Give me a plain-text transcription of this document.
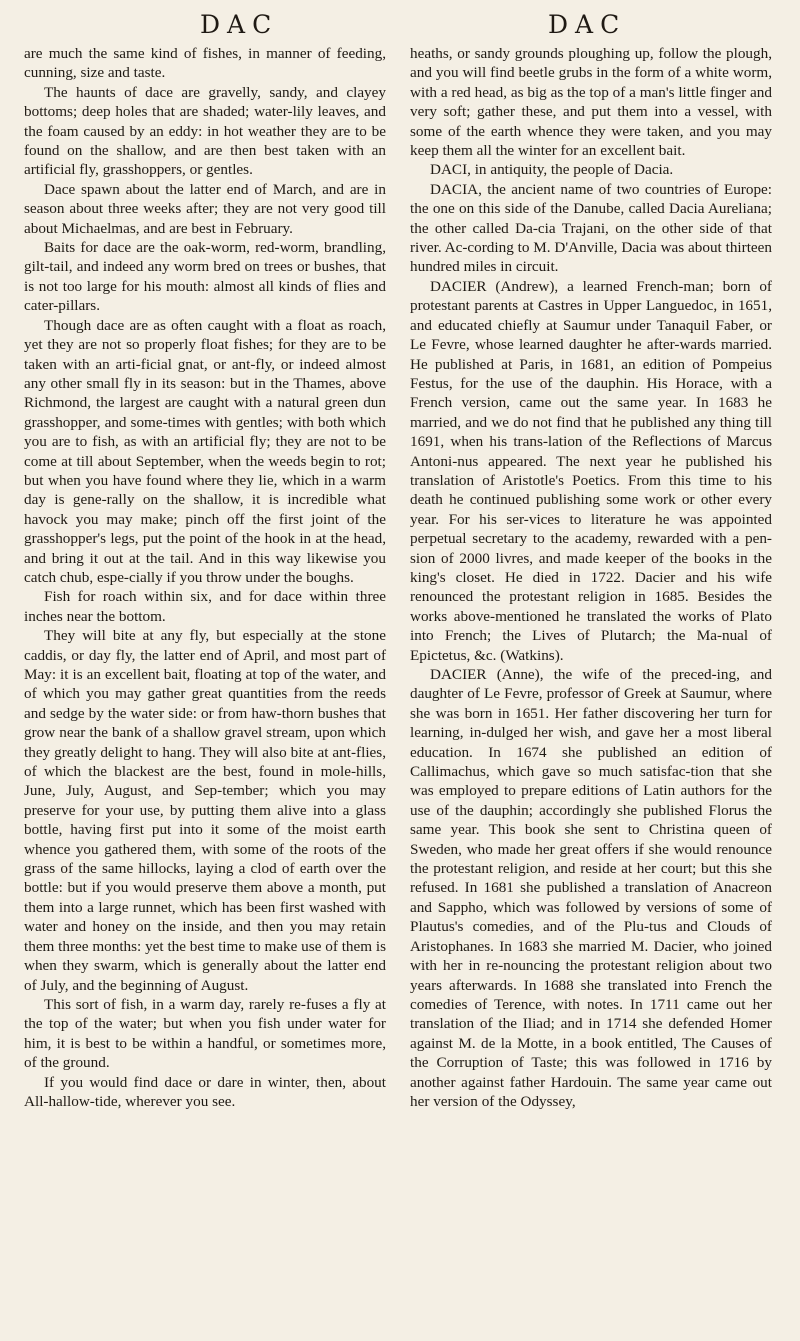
DAC	DAC

are much the same kind of fishes, in manner of feeding, cunning, size and taste.

The haunts of dace are gravelly, sandy, and clayey bottoms; deep holes that are shaded; water-lily leaves, and the foam caused by an eddy: in hot weather they are to be found on the shallow, and are then best taken with an artificial fly, grasshoppers, or gentles.

Dace spawn about the latter end of March, and are in season about three weeks after; they are not very good till about Michaelmas, and are best in February.

Baits for dace are the oak-worm, red-worm, brandling, gilt-tail, and indeed any worm bred on trees or bushes, that is not too large for his mouth: almost all kinds of flies and cater-pillars.

Though dace are as often caught with a float as roach, yet they are not so properly float fishes; for they are to be taken with an arti-ficial gnat, or ant-fly, or indeed almost any other small fly in its season: but in the Thames, above Richmond, the largest are caught with a natural green dun grasshopper, and some-times with gentles; with both which you are to fish, as with an artificial fly; they are not to be come at till about September, when the weeds begin to rot; but when you have found where they lie, which in a warm day is gene-rally on the shallow, it is incredible what havock you may make; pinch off the first joint of the grasshopper's legs, put the point of the hook in at the head, and bring it out at the tail. And in this way likewise you catch chub, espe-cially if you throw under the boughs.

Fish for roach within six, and for dace within three inches near the bottom.

They will bite at any fly, but especially at the stone caddis, or day fly, the latter end of April, and most part of May: it is an excellent bait, floating at top of the water, and of which you may gather great quantities from the reeds and sedge by the water side: or from haw-thorn bushes that grow near the bank of a shallow gravel stream, upon which they greatly delight to hang. They will also bite at ant-flies, of which the blackest are the best, found in mole-hills, June, July, August, and Sep-tember; which you may preserve for your use, by putting them alive into a glass bottle, having first put into it some of the moist earth whence you gathered them, with some of the roots of the grass of the same hillocks, laying a clod of earth over the bottle: but if you would preserve them above a month, put them into a large runnet, which has been first washed with water and honey on the inside, and then you may retain them three months: yet the best time to make use of them is when they swarm, which is generally about the latter end of July, and the beginning of August.

This sort of fish, in a warm day, rarely re-fuses a fly at the top of the water; but when you fish under water for him, it is best to be within a handful, or sometimes more, of the ground.

If you would find dace or dare in winter, then, about All-hallow-tide, wherever you see.

heaths, or sandy grounds ploughing up, follow the plough, and you will find beetle grubs in the form of a white worm, with a red head, as big as the top of a man's little finger and very soft; gather these, and put them into a vessel, with some of the earth whence they were taken, and you may keep them all the winter for an excellent bait.

DACI, in antiquity, the people of Dacia.

DACIA, the ancient name of two countries of Europe: the one on this side of the Danube, called Dacia Aureliana; the other called Da-cia Trajani, on the other side of that river. Ac-cording to M. D'Anville, Dacia was about thirteen hundred miles in circuit.

DACIER (Andrew), a learned French-man; born of protestant parents at Castres in Upper Languedoc, in 1651, and educated chiefly at Saumur under Tanaquil Faber, or Le Fevre, whose learned daughter he after-wards married. He published at Paris, in 1681, an edition of Pompeius Festus, for the use of the dauphin. His Horace, with a French version, came out the same year. In 1683 he married, and we do not find that he published any thing till 1691, when his trans-lation of the Reflections of Marcus Antoni-nus appeared. The next year he published his translation of Aristotle's Poetics. From this time to his death he continued publishing some work or other every year. For his ser-vices to literature he was appointed perpetual secretary to the academy, rewarded with a pen-sion of 2000 livres, and made keeper of the books in the king's closet. He died in 1722. Dacier and his wife renounced the protestant religion in 1685. Besides the works above-mentioned he translated the works of Plato into French; the Lives of Plutarch; the Ma-nual of Epictetus, &c. (Watkins).

DACIER (Anne), the wife of the preced-ing, and daughter of Le Fevre, professor of Greek at Saumur, where she was born in 1651. Her father discovering her turn for learning, in-dulged her wish, and gave her a most liberal education. In 1674 she published an edition of Callimachus, which gave so much satisfac-tion that she was employed to prepare editions of Latin authors for the use of the dauphin; accordingly she published Florus the same year. This book she sent to Christina queen of Sweden, who made her great offers if she would renounce the protestant religion, and reside at her court; but this she refused. In 1681 she published a translation of Anacreon and Sappho, which was followed by versions of some of Plautus's comedies, and of the Plu-tus and Clouds of Aristophanes. In 1683 she married M. Dacier, who joined with her in re-nouncing the protestant religion about two years afterwards. In 1688 she translated into French the comedies of Terence, with notes. In 1711 came out her translation of the Iliad; and in 1714 she defended Homer against M. de la Motte, in a book entitled, The Causes of the Corruption of Taste; this was followed in 1716 by another against father Hardouin. The same year came out her version of the Odyssey,
